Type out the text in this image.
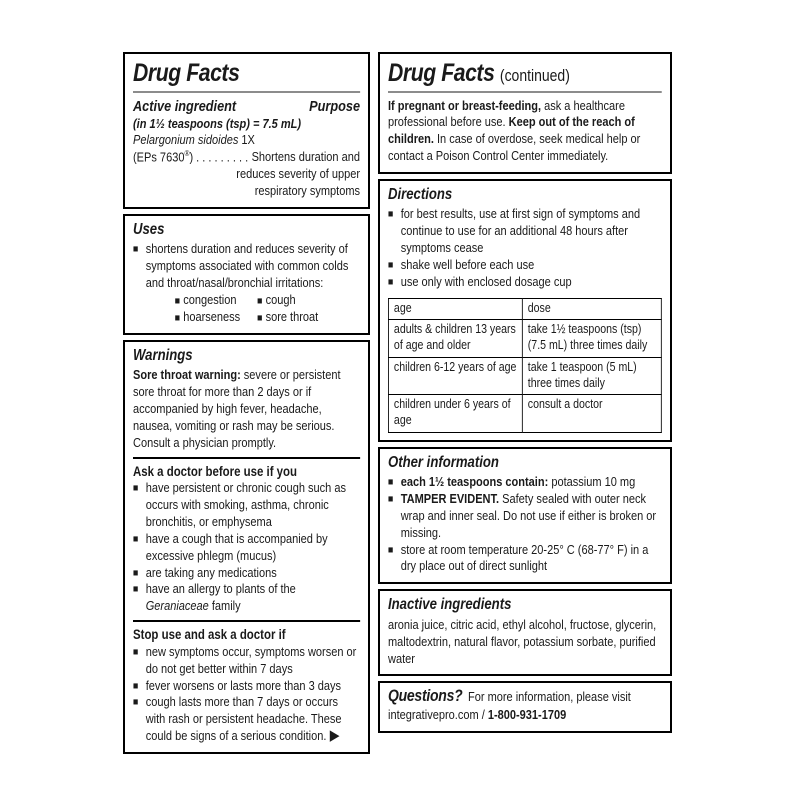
Drug Facts
Active ingredient	Purpose
(in 1½ teaspoons (tsp) = 7.5 mL)
Pelargonium sidoides 1X
(EPs 7630®) . . . . . . . . . Shortens duration and
reduces severity of upper
respiratory symptoms
Uses
■ shortens duration and reduces severity of symptoms associated with common colds and throat/nasal/bronchial irritations:
■ congestion	■ cough
■ hoarseness ■ sore throat
Warnings

Sore throat warning: severe or persistent sore throat for more than 2 days or if accompanied by high fever, headache, nausea, vomiting or rash may be serious. Consult a physician promptly.

Ask a doctor before use if you
■ have persistent or chronic cough such as occurs with smoking, asthma, chronic bronchitis, or emphysema
■ have a cough that is accompanied by excessive phlegm (mucus)
■ are taking any medications
■ have an allergy to plants of the Geraniaceae family
Stop use and ask a doctor if
■ new symptoms occur, symptoms worsen or do not get better within 7 days
■ fever worsens or lasts more than 3 days
■ cough lasts more than 7 days or occurs with rash or persistent headache. These could be signs of a serious condition. ▶
Drug Facts (continued)

If pregnant or breast-feeding, ask a healthcare professional before use. Keep out of the reach of children. In case of overdose, seek medical help or contact a Poison Control Center immediately.

Directions
■ for best results, use at first sign of symptoms and continue to use for an additional 48 hours after symptoms cease
■ shake well before each use
■ use only with enclosed dosage cup
age	dose
adults & children 13 years of age and older	take 1½ teaspoons (tsp) (7.5 mL) three times daily
children 6-12 years of age	take 1 teaspoon (5 mL) three times daily
children under 6 years of age	consult a doctor
Other information
■ each 1½ teaspoons contain: potassium 10 mg
■ TAMPER EVIDENT. Safety sealed with outer neck wrap and inner seal. Do not use if either is broken or missing.
■ store at room temperature 20-25° C (68-77° F) in a dry place out of direct sunlight
Inactive ingredients

aronia juice, citric acid, ethyl alcohol, fructose, glycerin, maltodextrin, natural flavor, potassium sorbate, purified water

Questions? For more information, please visit integrativepro.com / 1-800-931-1709
